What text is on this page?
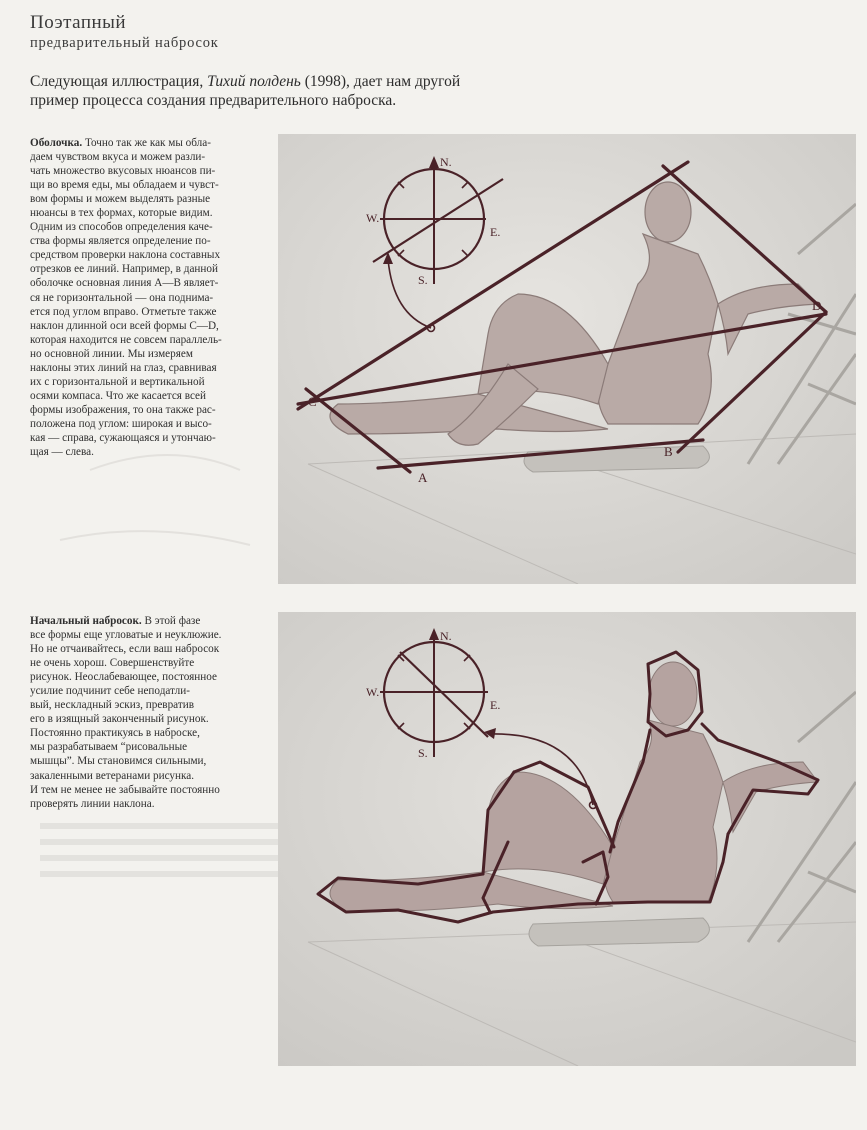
Поэтапный
предварительный набросок
Следующая иллюстрация, Тихий полдень (1998), дает нам другой
пример процесса создания предварительного наброска.
Оболочка. Точно так же как мы обла-
даем чувством вкуса и можем разли-
чать множество вкусовых нюансов пи-
щи во время еды, мы обладаем и чувст-
вом формы и можем выделять разные
нюансы в тех формах, которые видим.
Одним из способов определения каче-
ства формы является определение по-
средством проверки наклона составных
отрезков ее линий. Например, в данной
оболочке основная линия А—В являет-
ся не горизонтальной — она поднима-
ется под углом вправо. Отметьте также
наклон длинной оси всей формы С—D,
которая находится не совсем параллель-
но основной линии. Мы измеряем
наклоны этих линий на глаз, сравнивая
их с горизонтальной и вертикальной
осями компаса. Что же касается всей
формы изображения, то она также рас-
положена под углом: широкая и высо-
кая — справа, сужающаяся и утончаю-
щая — слева.
Начальный набросок. В этой фазе
все формы еще угловатые и неуклюжие.
Но не отчаивайтесь, если ваш набросок
не очень хорош. Совершенствуйте
рисунок. Неослабевающее, постоянное
усилие подчинит себе неподатли-
вый, нескладный эскиз, превратив
его в изящный законченный рисунок.
Постоянно практикуясь в наброске,
мы разрабатываем “рисовальные
мышцы”. Мы становимся сильными,
закаленными ветеранами рисунка.
И тем не менее не забывайте постоянно
проверять линии наклона.
N.
W.
E.
S.
A
B
C
D
N.
W.
E.
S.
